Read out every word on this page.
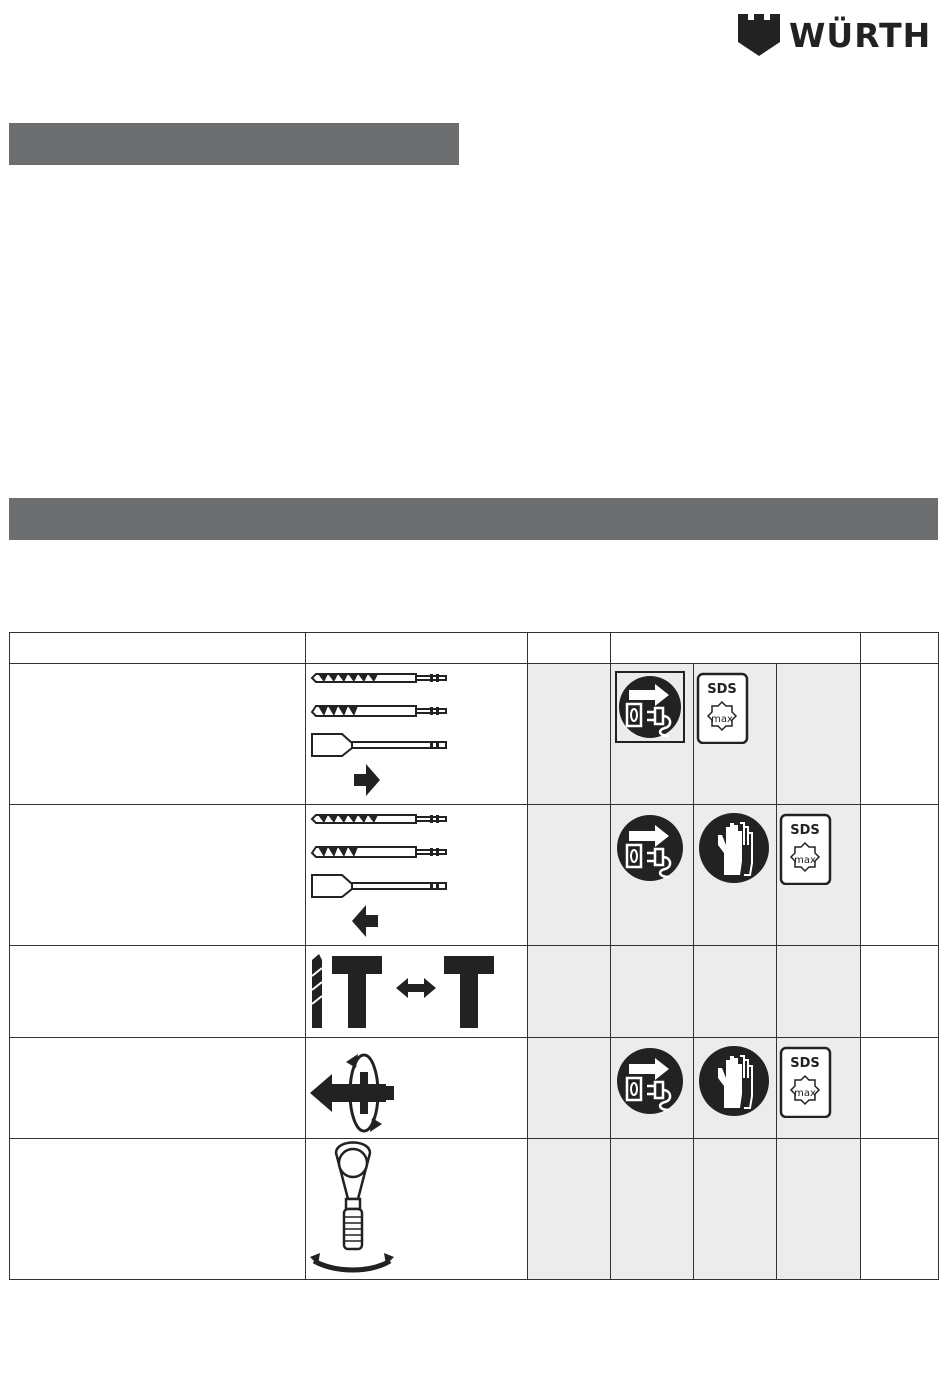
WÜRTH

SDS
max		

SDS
max	

SDS
max	
